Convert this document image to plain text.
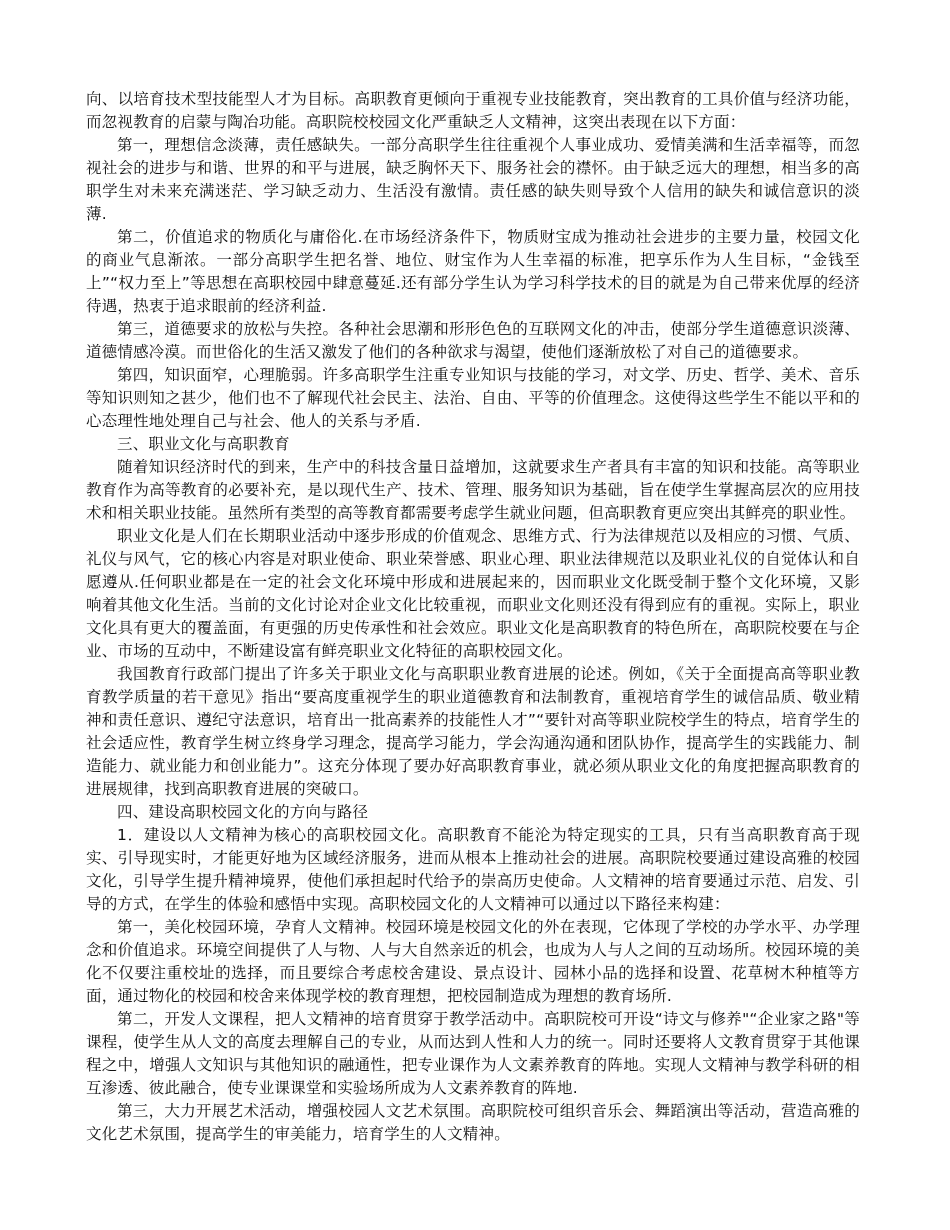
向、以培育技术型技能型人才为目标。高职教育更倾向于重视专业技能教育，突出教育的工具价值与经济功能，而忽视教育的启蒙与陶冶功能。高职院校校园文化严重缺乏人文精神，这突出表现在以下方面：

第一，理想信念淡薄，责任感缺失。一部分高职学生往往重视个人事业成功、爱情美满和生活幸福等，而忽视社会的进步与和谐、世界的和平与进展，缺乏胸怀天下、服务社会的襟怀。由于缺乏远大的理想，相当多的高职学生对未来充满迷茫、学习缺乏动力、生活没有激情。责任感的缺失则导致个人信用的缺失和诚信意识的淡薄.

第二，价值追求的物质化与庸俗化.在市场经济条件下，物质财宝成为推动社会进步的主要力量，校园文化的商业气息渐浓。一部分高职学生把名誉、地位、财宝作为人生幸福的标准，把享乐作为人生目标，“金钱至上”“权力至上”等思想在高职校园中肆意蔓延.还有部分学生认为学习科学技术的目的就是为自己带来优厚的经济待遇，热衷于追求眼前的经济利益.

第三，道德要求的放松与失控。各种社会思潮和形形色色的互联网文化的冲击，使部分学生道德意识淡薄、道德情感冷漠。而世俗化的生活又激发了他们的各种欲求与渴望，使他们逐渐放松了对自己的道德要求。

第四，知识面窄，心理脆弱。许多高职学生注重专业知识与技能的学习，对文学、历史、哲学、美术、音乐等知识则知之甚少，他们也不了解现代社会民主、法治、自由、平等的价值理念。这使得这些学生不能以平和的心态理性地处理自己与社会、他人的关系与矛盾.

三、职业文化与高职教育

随着知识经济时代的到来，生产中的科技含量日益增加，这就要求生产者具有丰富的知识和技能。高等职业教育作为高等教育的必要补充，是以现代生产、技术、管理、服务知识为基础，旨在使学生掌握高层次的应用技术和相关职业技能。虽然所有类型的高等教育都需要考虑学生就业问题，但高职教育更应突出其鲜亮的职业性。

职业文化是人们在长期职业活动中逐步形成的价值观念、思维方式、行为法律规范以及相应的习惯、气质、礼仪与风气，它的核心内容是对职业使命、职业荣誉感、职业心理、职业法律规范以及职业礼仪的自觉体认和自愿遵从.任何职业都是在一定的社会文化环境中形成和进展起来的，因而职业文化既受制于整个文化环境，又影响着其他文化生活。当前的文化讨论对企业文化比较重视，而职业文化则还没有得到应有的重视。实际上，职业文化具有更大的覆盖面，有更强的历史传承性和社会效应。职业文化是高职教育的特色所在，高职院校要在与企业、市场的互动中，不断建设富有鲜亮职业文化特征的高职校园文化。

我国教育行政部门提出了许多关于职业文化与高职职业教育进展的论述。例如，《关于全面提高高等职业教育教学质量的若干意见》指出“要高度重视学生的职业道德教育和法制教育，重视培育学生的诚信品质、敬业精神和责任意识、遵纪守法意识，培育出一批高素养的技能性人才”“要针对高等职业院校学生的特点，培育学生的社会适应性，教育学生树立终身学习理念，提高学习能力，学会沟通沟通和团队协作，提高学生的实践能力、制造能力、就业能力和创业能力”。这充分体现了要办好高职教育事业，就必须从职业文化的角度把握高职教育的进展规律，找到高职教育进展的突破口。

四、建设高职校园文化的方向与路径

1．建设以人文精神为核心的高职校园文化。高职教育不能沦为特定现实的工具，只有当高职教育高于现实、引导现实时，才能更好地为区域经济服务，进而从根本上推动社会的进展。高职院校要通过建设高雅的校园文化，引导学生提升精神境界，使他们承担起时代给予的崇高历史使命。人文精神的培育要通过示范、启发、引导的方式，在学生的体验和感悟中实现。高职校园文化的人文精神可以通过以下路径来构建：

第一，美化校园环境，孕育人文精神。校园环境是校园文化的外在表现，它体现了学校的办学水平、办学理念和价值追求。环境空间提供了人与物、人与大自然亲近的机会，也成为人与人之间的互动场所。校园环境的美化不仅要注重校址的选择，而且要综合考虑校舍建设、景点设计、园林小品的选择和设置、花草树木种植等方面，通过物化的校园和校舍来体现学校的教育理想，把校园制造成为理想的教育场所.

第二，开发人文课程，把人文精神的培育贯穿于教学活动中。高职院校可开设“诗文与修养"“企业家之路"等课程，使学生从人文的高度去理解自己的专业，从而达到人性和人力的统一。同时还要将人文教育贯穿于其他课程之中，增强人文知识与其他知识的融通性，把专业课作为人文素养教育的阵地。实现人文精神与教学科研的相互渗透、彼此融合，使专业课课堂和实验场所成为人文素养教育的阵地.

第三，大力开展艺术活动，增强校园人文艺术氛围。高职院校可组织音乐会、舞蹈演出等活动，营造高雅的文化艺术氛围，提高学生的审美能力，培育学生的人文精神。
